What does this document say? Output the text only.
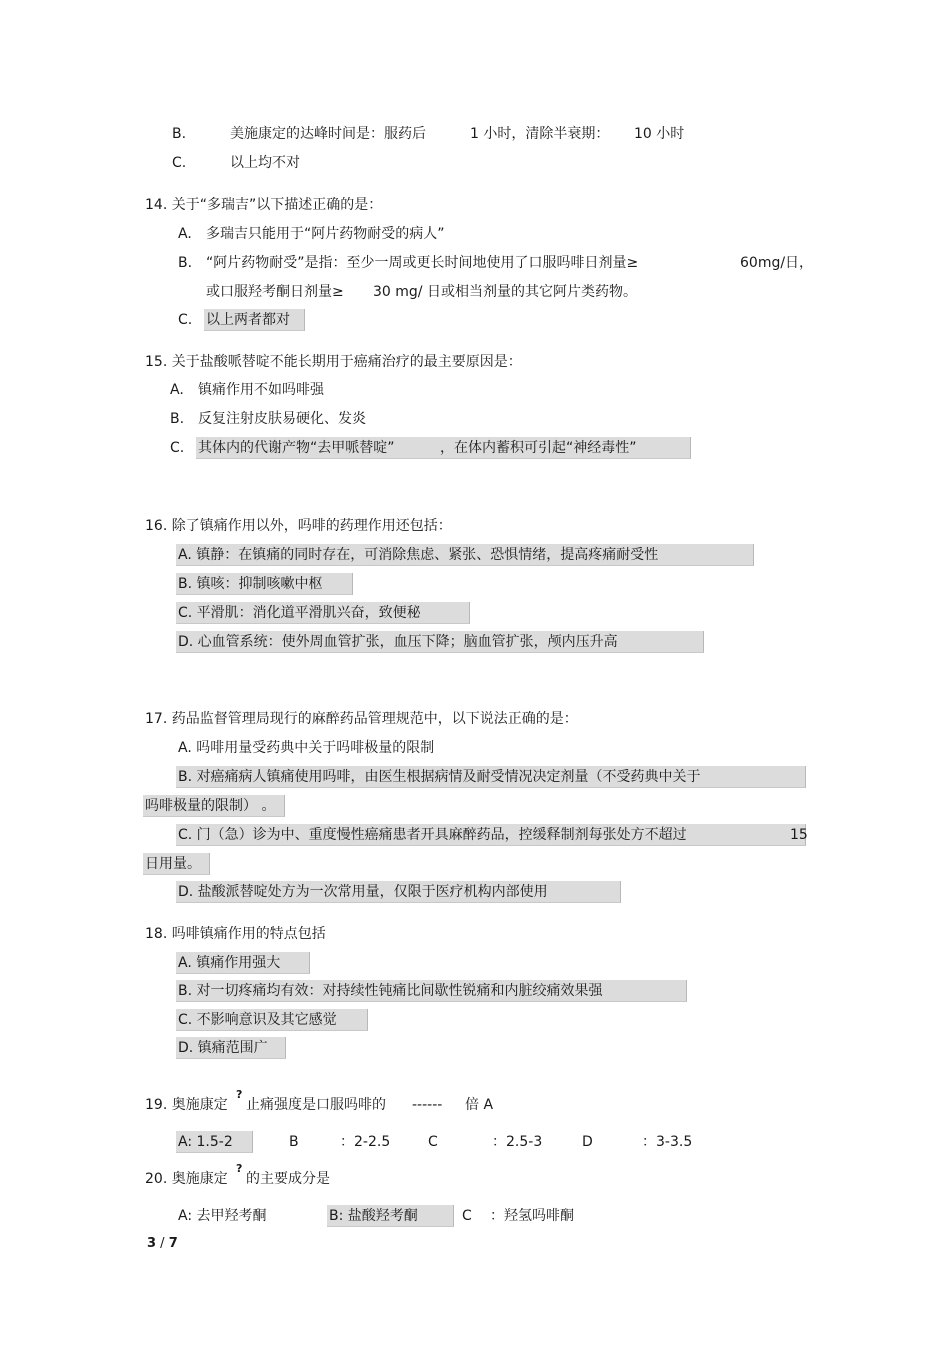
B.	美施康定的达峰时间是：服药后	1 小时，清除半衰期： 10 小时
C.	以上均不对
14. 关于“多瑞吉”以下描述正确的是：
A. 多瑞吉只能用于“阿片药物耐受的病人”
B. “阿片药物耐受”是指：至少一周或更长时间地使用了口服吗啡日剂量≥	60mg/日，
或口服羟考酮日剂量≥ 30 mg/ 日或相当剂量的其它阿片类药物。
C. 以上两者都对
15. 关于盐酸哌替啶不能长期用于癌痛治疗的最主要原因是：
A. 镇痛作用不如吗啡强
B. 反复注射皮肤易硬化、发炎
C. 其体内的代谢产物“去甲哌替啶”	，在体内蓄积可引起“神经毒性”
16. 除了镇痛作用以外，吗啡的药理作用还包括：
A. 镇静：在镇痛的同时存在，可消除焦虑、紧张、恐惧情绪，提高疼痛耐受性
B. 镇咳：抑制咳嗽中枢
C. 平滑肌：消化道平滑肌兴奋，致便秘
D. 心血管系统：使外周血管扩张，血压下降；脑血管扩张，颅内压升高
17. 药品监督管理局现行的麻醉药品管理规范中，以下说法正确的是：
A. 吗啡用量受药典中关于吗啡极量的限制
B. 对癌痛病人镇痛使用吗啡，由医生根据病情及耐受情况决定剂量（不受药典中关于
吗啡极量的限制） 。
C. 门（急）诊为中、重度慢性癌痛患者开具麻醉药品，控缓释制剂每张处方不超过	15
日用量。
D. 盐酸派替啶处方为一次常用量，仅限于医疗机构内部使用
18. 吗啡镇痛作用的特点包括
A. 镇痛作用强大
B. 对一切疼痛均有效：对持续性钝痛比间歇性锐痛和内脏绞痛效果强
C. 不影响意识及其它感觉
D. 镇痛范围广
19. 奥施康定
?
止痛强度是口服吗啡的 ------ 倍 A
A: 1.5-2	B	：2-2.5	C	：2.5-3	D	：3-3.5
20. 奥施康定
?
的主要成分是
A: 去甲羟考酮	B: 盐酸羟考酮	C ：羟氢吗啡酮
3 / 7
